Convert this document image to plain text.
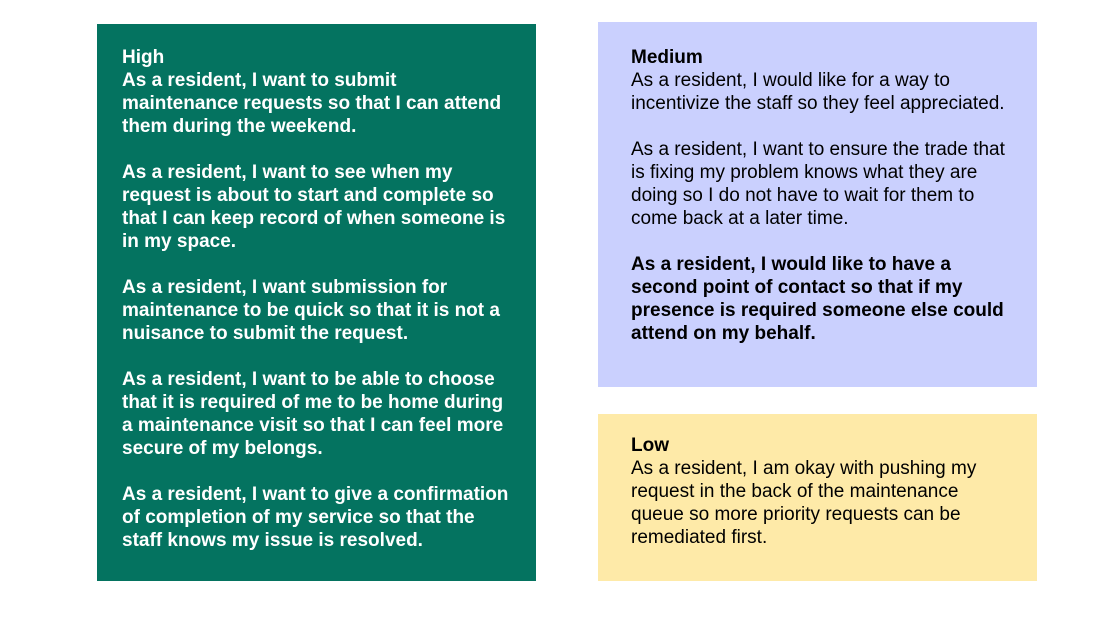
High
As a resident, I want to submit maintenance requests so that I can attend them during the weekend.
As a resident, I want to see when my request is about to start and complete so that I can keep record of when someone is in my space.
As a resident, I want submission for maintenance to be quick so that it is not a nuisance to submit the request.
As a resident, I want to be able to choose that it is required of me to be home during a maintenance visit so that I can feel more secure of my belongs.
As a resident, I want to give a confirmation of completion of my service so that the staff knows my issue is resolved.
Medium
As a resident, I would like for a way to incentivize the staff so they feel appreciated.
As a resident, I want to ensure the trade that is fixing my problem knows what they are doing so I do not have to wait for them to come back at a later time.
As a resident, I would like to have a second point of contact so that if my presence is required someone else could attend on my behalf.
Low
As a resident, I am okay with pushing my request in the back of the maintenance queue so more priority requests can be remediated first.
